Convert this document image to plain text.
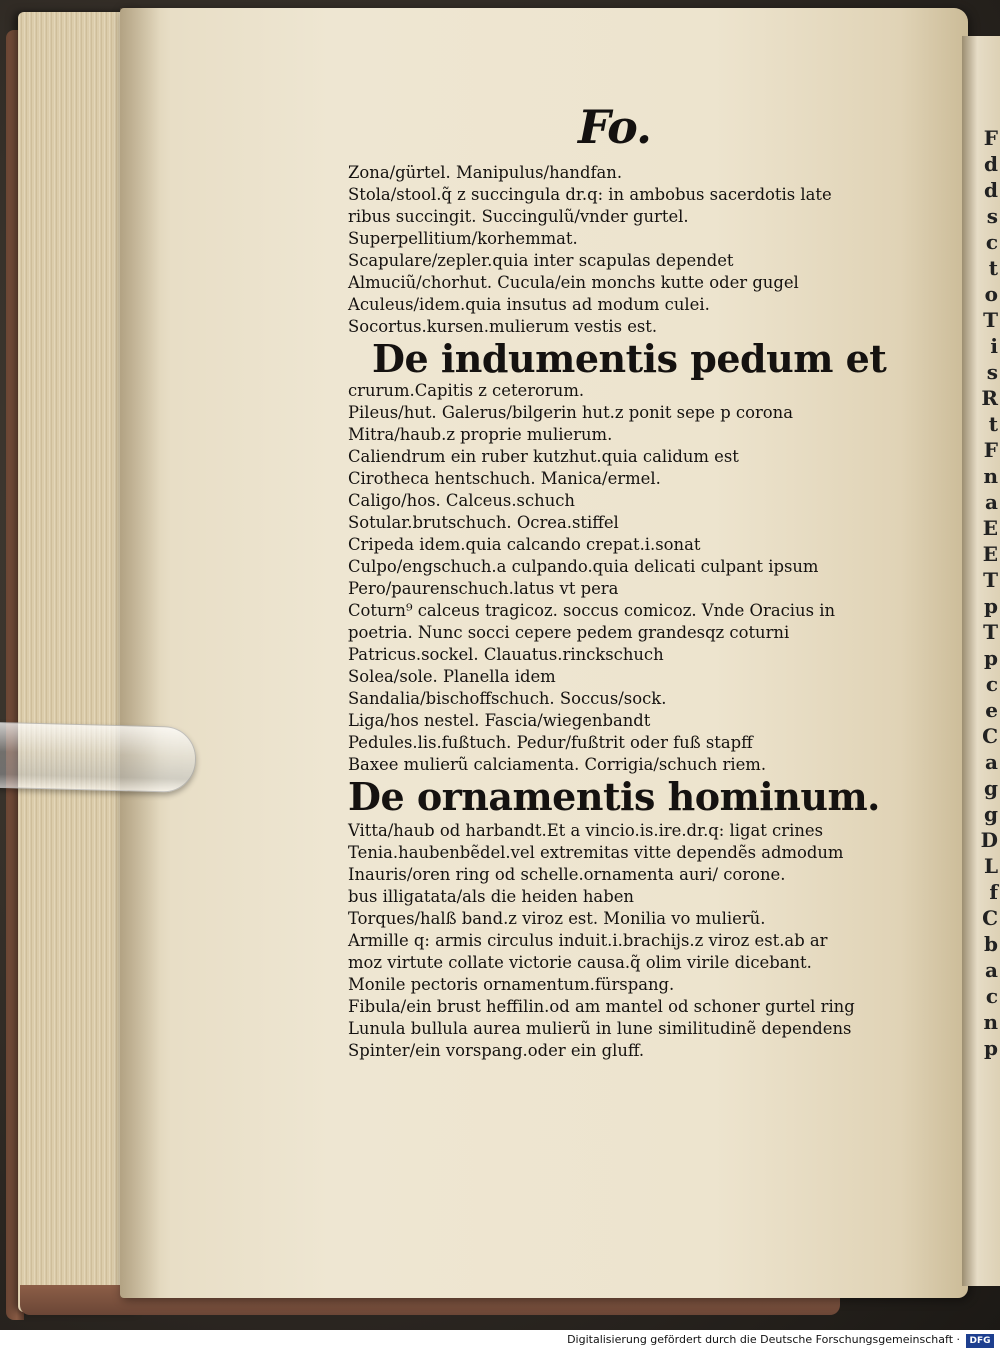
F
d
d
s
c
t
o
T
i
s
R
t
F
n
a
E
E
T
p
T
p
c
e
C
a
g
g
D
L
f
C
b
a
c
n
p
Fo.
Zona/gürtel. Manipulus/handfan.
Stola/stool.q̃ z succingula dr.q: in ambobus sacerdotis late
ribus succingit. Succingulũ/vnder gurtel.
Superpellitium/korhemmat.
Scapulare/zepler.quia inter scapulas dependet
Almuciũ/chorhut. Cucula/ein monchs kutte oder gugel
Aculeus/idem.quia insutus ad modum culei.
Socortus.kursen.mulierum vestis est.
De indumentis pedum et
crurum.Capitis z ceterorum.
Pileus/hut. Galerus/bilgerin hut.z ponit sepe p corona
Mitra/haub.z proprie mulierum.
Caliendrum ein ruber kutzhut.quia calidum est
Cirotheca hentschuch. Manica/ermel.
Caligo/hos. Calceus.schuch
Sotular.brutschuch. Ocrea.stiffel
Cripeda idem.quia calcando crepat.i.sonat
Culpo/engschuch.a culpando.quia delicati culpant ipsum
Pero/paurenschuch.latus vt pera
Coturn⁹ calceus tragicoz. soccus comicoz. Vnde Oracius in
poetria. Nunc socci cepere pedem grandesqz coturni
Patricus.sockel. Clauatus.rinckschuch
Solea/sole. Planella idem
Sandalia/bischoffschuch. Soccus/sock.
Liga/hos nestel. Fascia/wiegenbandt
Pedules.lis.fußtuch. Pedur/fußtrit oder fuß stapff
Baxee mulierũ calciamenta. Corrigia/schuch riem.
De ornamentis hominum.
Vitta/haub od harbandt.Et a vincio.is.ire.dr.q: ligat crines
Tenia.haubenbẽdel.vel extremitas vitte dependẽs admodum
Inauris/oren ring od schelle.ornamenta auri/ corone.
bus illigatata/als die heiden haben
Torques/halß band.z viroz est. Monilia vo mulierũ.
Armille q: armis circulus induit.i.brachijs.z viroz est.ab ar
moz virtute collate victorie causa.q̃ olim virile dicebant.
Monile pectoris ornamentum.fürspang.
Fibula/ein brust heffilin.od am mantel od schoner gurtel ring
Lunula bullula aurea mulierũ in lune similitudinẽ dependens
Spinter/ein vorspang.oder ein gluff.
Digitalisierung gefördert durch die Deutsche Forschungsgemeinschaft ·	DFG
